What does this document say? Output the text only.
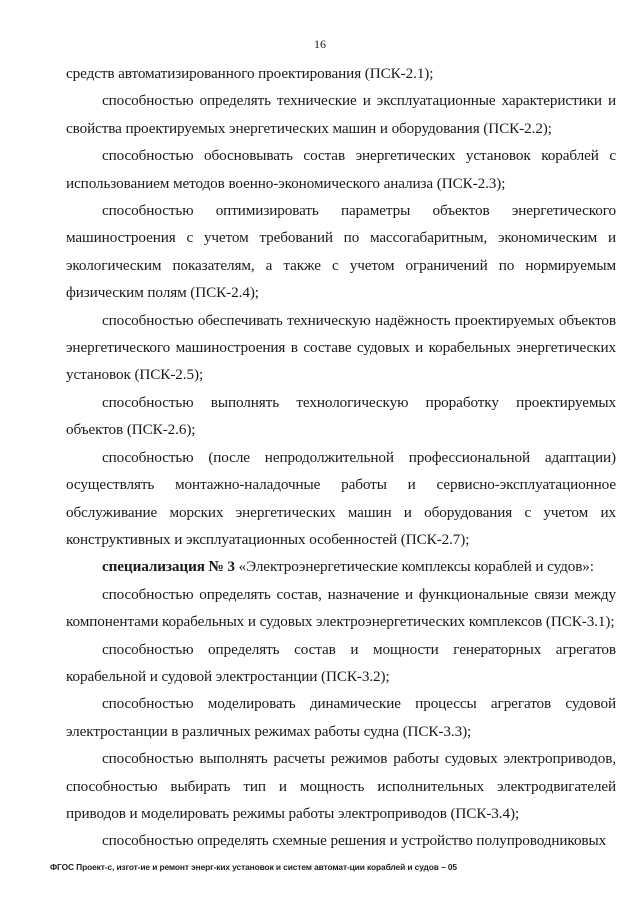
16

средств автоматизированного проектирования (ПСК-2.1);

способностью определять технические и эксплуатационные характеристики и свойства проектируемых энергетических машин и оборудования (ПСК-2.2);

способностью обосновывать состав энергетических установок кораблей с использованием методов военно-экономического анализа (ПСК-2.3);

способностью оптимизировать параметры объектов энергетического машиностроения с учетом требований по массогабаритным, экономическим и экологическим показателям, а также с учетом ограничений по нормируемым физическим полям (ПСК-2.4);

способностью обеспечивать техническую надёжность проектируемых объектов энергетического машиностроения в составе судовых и корабельных энергетических установок (ПСК-2.5);

способностью выполнять технологическую проработку проектируемых объектов (ПСК-2.6);

способностью (после непродолжительной профессиональной адаптации) осуществлять монтажно-наладочные работы и сервисно-эксплуатационное обслуживание морских энергетических машин и оборудования с учетом их конструктивных и эксплуатационных особенностей (ПСК-2.7);

специализация № 3 «Электроэнергетические комплексы кораблей и судов»:

способностью определять состав, назначение и функциональные связи между компонентами корабельных и судовых электроэнергетических комплексов (ПСК-3.1);

способностью определять состав и мощности генераторных агрегатов корабельной и судовой электростанции (ПСК-3.2);

способностью моделировать динамические процессы агрегатов судовой электростанции в различных режимах работы судна (ПСК-3.3);

способностью выполнять расчеты режимов работы судовых электроприводов, способностью выбирать тип и мощность исполнительных электродвигателей приводов и моделировать режимы работы электроприводов (ПСК-3.4);

способностью определять схемные решения и устройство полупроводниковых

ФГОС Проект-с, изгот-ие и ремонт энерг-ких установок и систем автомат-ции кораблей и судов – 05
